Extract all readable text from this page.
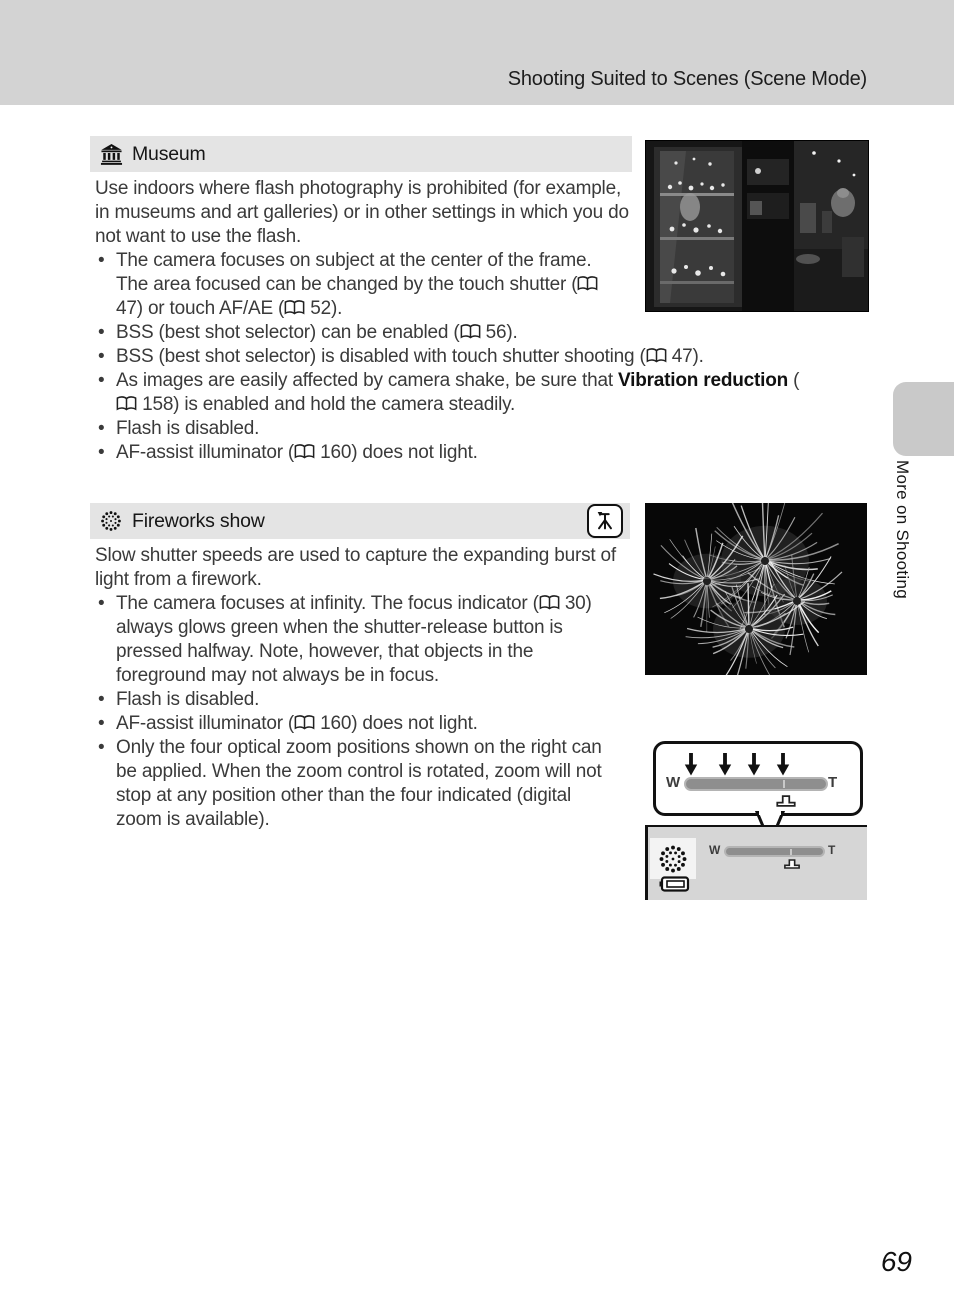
Shooting Suited to Scenes (Scene Mode)
Museum

Use indoors where flash photography is prohibited (for example, in museums and art galleries) or in other settings in which you do not want to use the flash.

• The camera focuses on subject at the center of the frame. The area focused can be changed by the touch shutter ( 47) or touch AF/AE ( 52).
• BSS (best shot selector) can be enabled ( 56).
• BSS (best shot selector) is disabled with touch shutter shooting ( 47).
• As images are easily affected by camera shake, be sure that Vibration reduction ( 158) is enabled and hold the camera steadily.
• Flash is disabled.
• AF-assist illuminator ( 160) does not light.
Fireworks show

Slow shutter speeds are used to capture the expanding burst of light from a firework.

• The camera focuses at infinity. The focus indicator ( 30) always glows green when the shutter-release button is pressed halfway. Note, however, that objects in the foreground may not always be in focus.
• Flash is disabled.
• AF-assist illuminator ( 160) does not light.
• Only the four optical zoom positions shown on the right can be applied. When the zoom control is rotated, zoom will not stop at any position other than the four indicated (digital zoom is available).
W	T
W	T
More on Shooting
69
